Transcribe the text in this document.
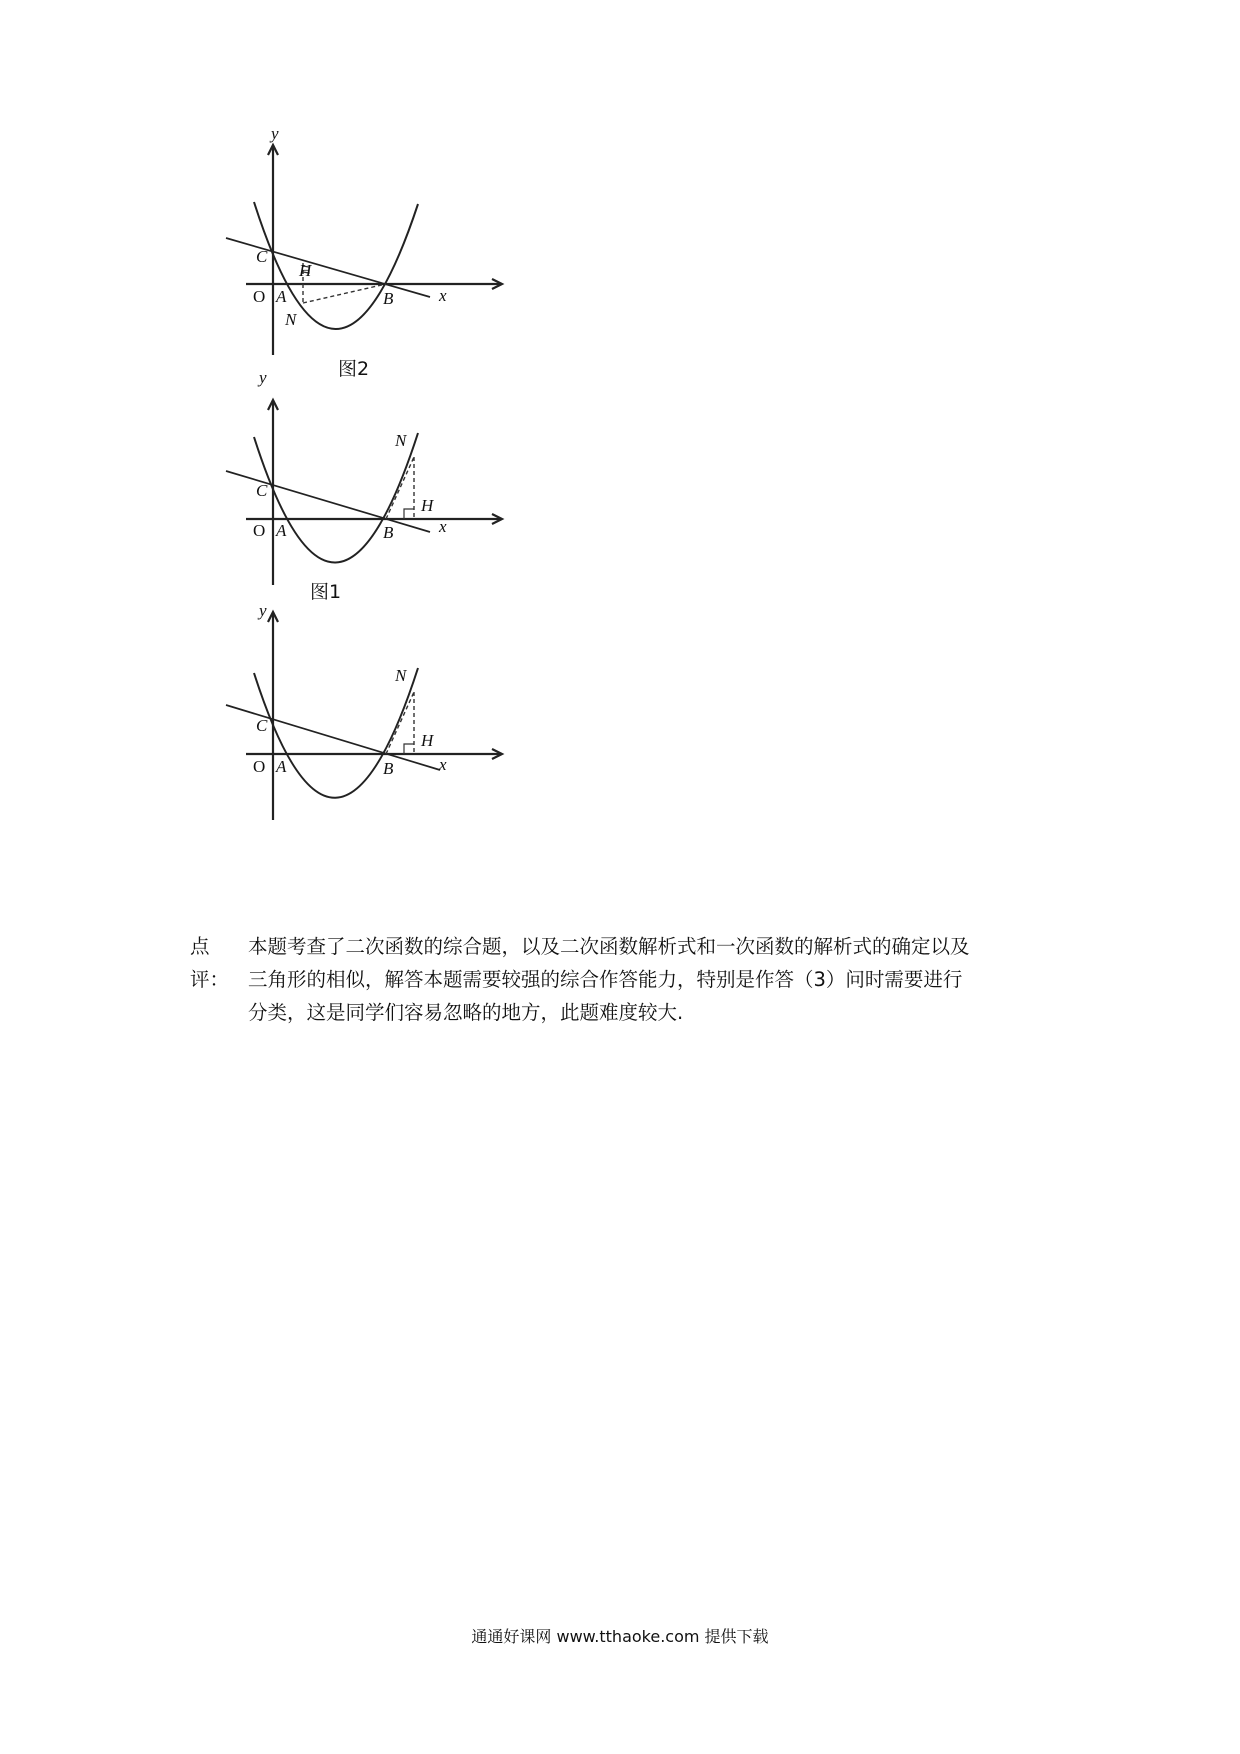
y
x
O A	B
C
H
N
图2
y
x
O A	B
C
H
N
图1
y
x
O A	B
C
H
N
点评：
本题考查了二次函数的综合题，以及二次函数解析式和一次函数的解析式的确定以及
三角形的相似，解答本题需要较强的综合作答能力，特别是作答（3）问时需要进行
分类，这是同学们容易忽略的地方，此题难度较大.
通通好课网 www.tthaoke.com 提供下载
